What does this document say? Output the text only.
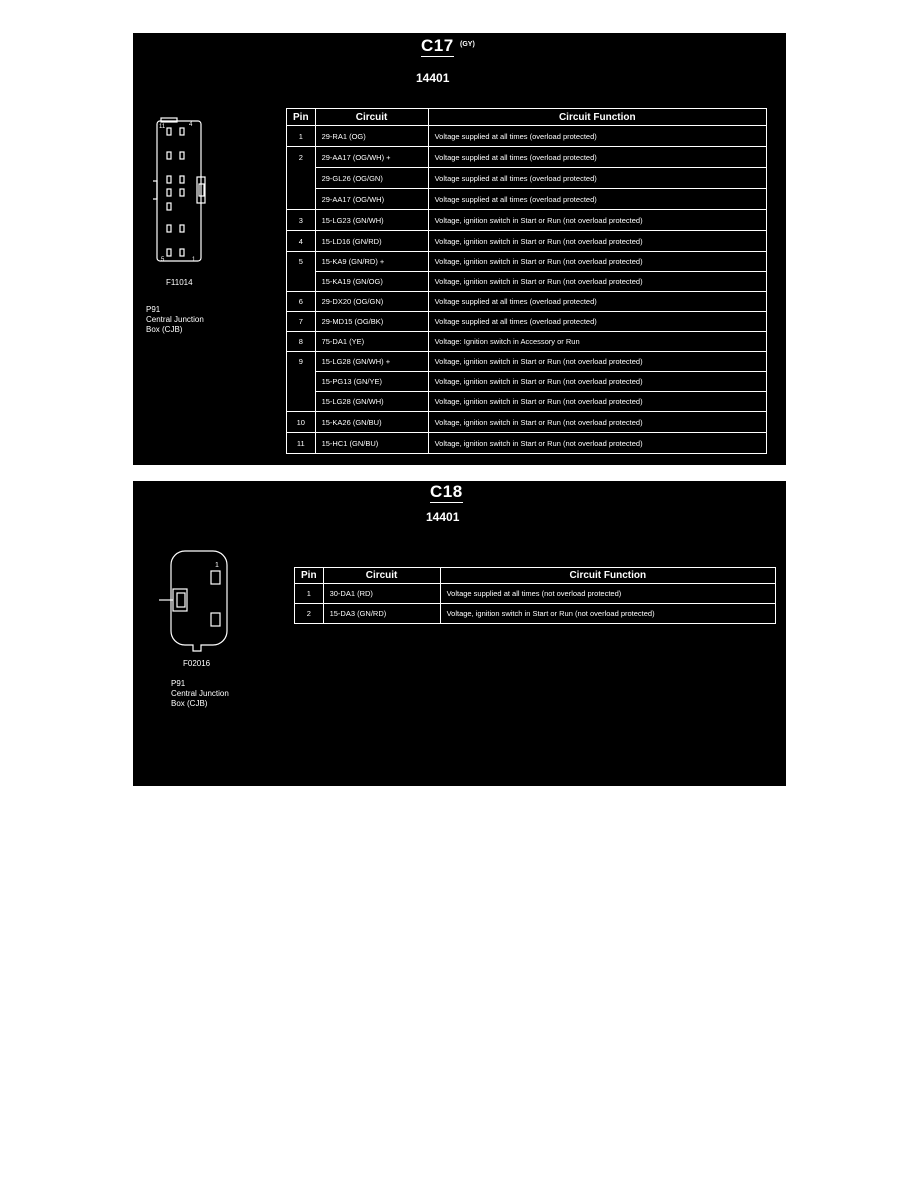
C17 (GY)
14401
11	4
5	1
F11014
P91
Central Junction
Box (CJB)
Pin	Circuit	Circuit Function
1	29-RA1 (OG)	Voltage supplied at all times (overload protected)
2	29-AA17 (OG/WH) +	Voltage supplied at all times (overload protected)
	29-GL26 (OG/GN)	Voltage supplied at all times (overload protected)
	29-AA17 (OG/WH)	Voltage supplied at all times (overload protected)
3	15-LG23 (GN/WH)	Voltage, ignition switch in Start or Run (not overload protected)
4	15-LD16 (GN/RD)	Voltage, ignition switch in Start or Run (not overload protected)
5	15-KA9 (GN/RD) +	Voltage, ignition switch in Start or Run (not overload protected)
	15-KA19 (GN/OG)	Voltage, ignition switch in Start or Run (not overload protected)
6	29-DX20 (OG/GN)	Voltage supplied at all times (overload protected)
7	29-MD15 (OG/BK)	Voltage supplied at all times (overload protected)
8	75-DA1 (YE)	Voltage: Ignition switch in Accessory or Run
9	15-LG28 (GN/WH) +	Voltage, ignition switch in Start or Run (not overload protected)
	15-PG13 (GN/YE)	Voltage, ignition switch in Start or Run (not overload protected)
	15-LG28 (GN/WH)	Voltage, ignition switch in Start or Run (not overload protected)
10	15-KA26 (GN/BU)	Voltage, ignition switch in Start or Run (not overload protected)
11	15-HC1 (GN/BU)	Voltage, ignition switch in Start or Run (not overload protected)
C18
14401
1
F02016
P91
Central Junction
Box (CJB)
Pin	Circuit	Circuit Function
1	30-DA1 (RD)	Voltage supplied at all times (not overload protected)
2	15-DA3 (GN/RD)	Voltage, ignition switch in Start or Run (not overload protected)
